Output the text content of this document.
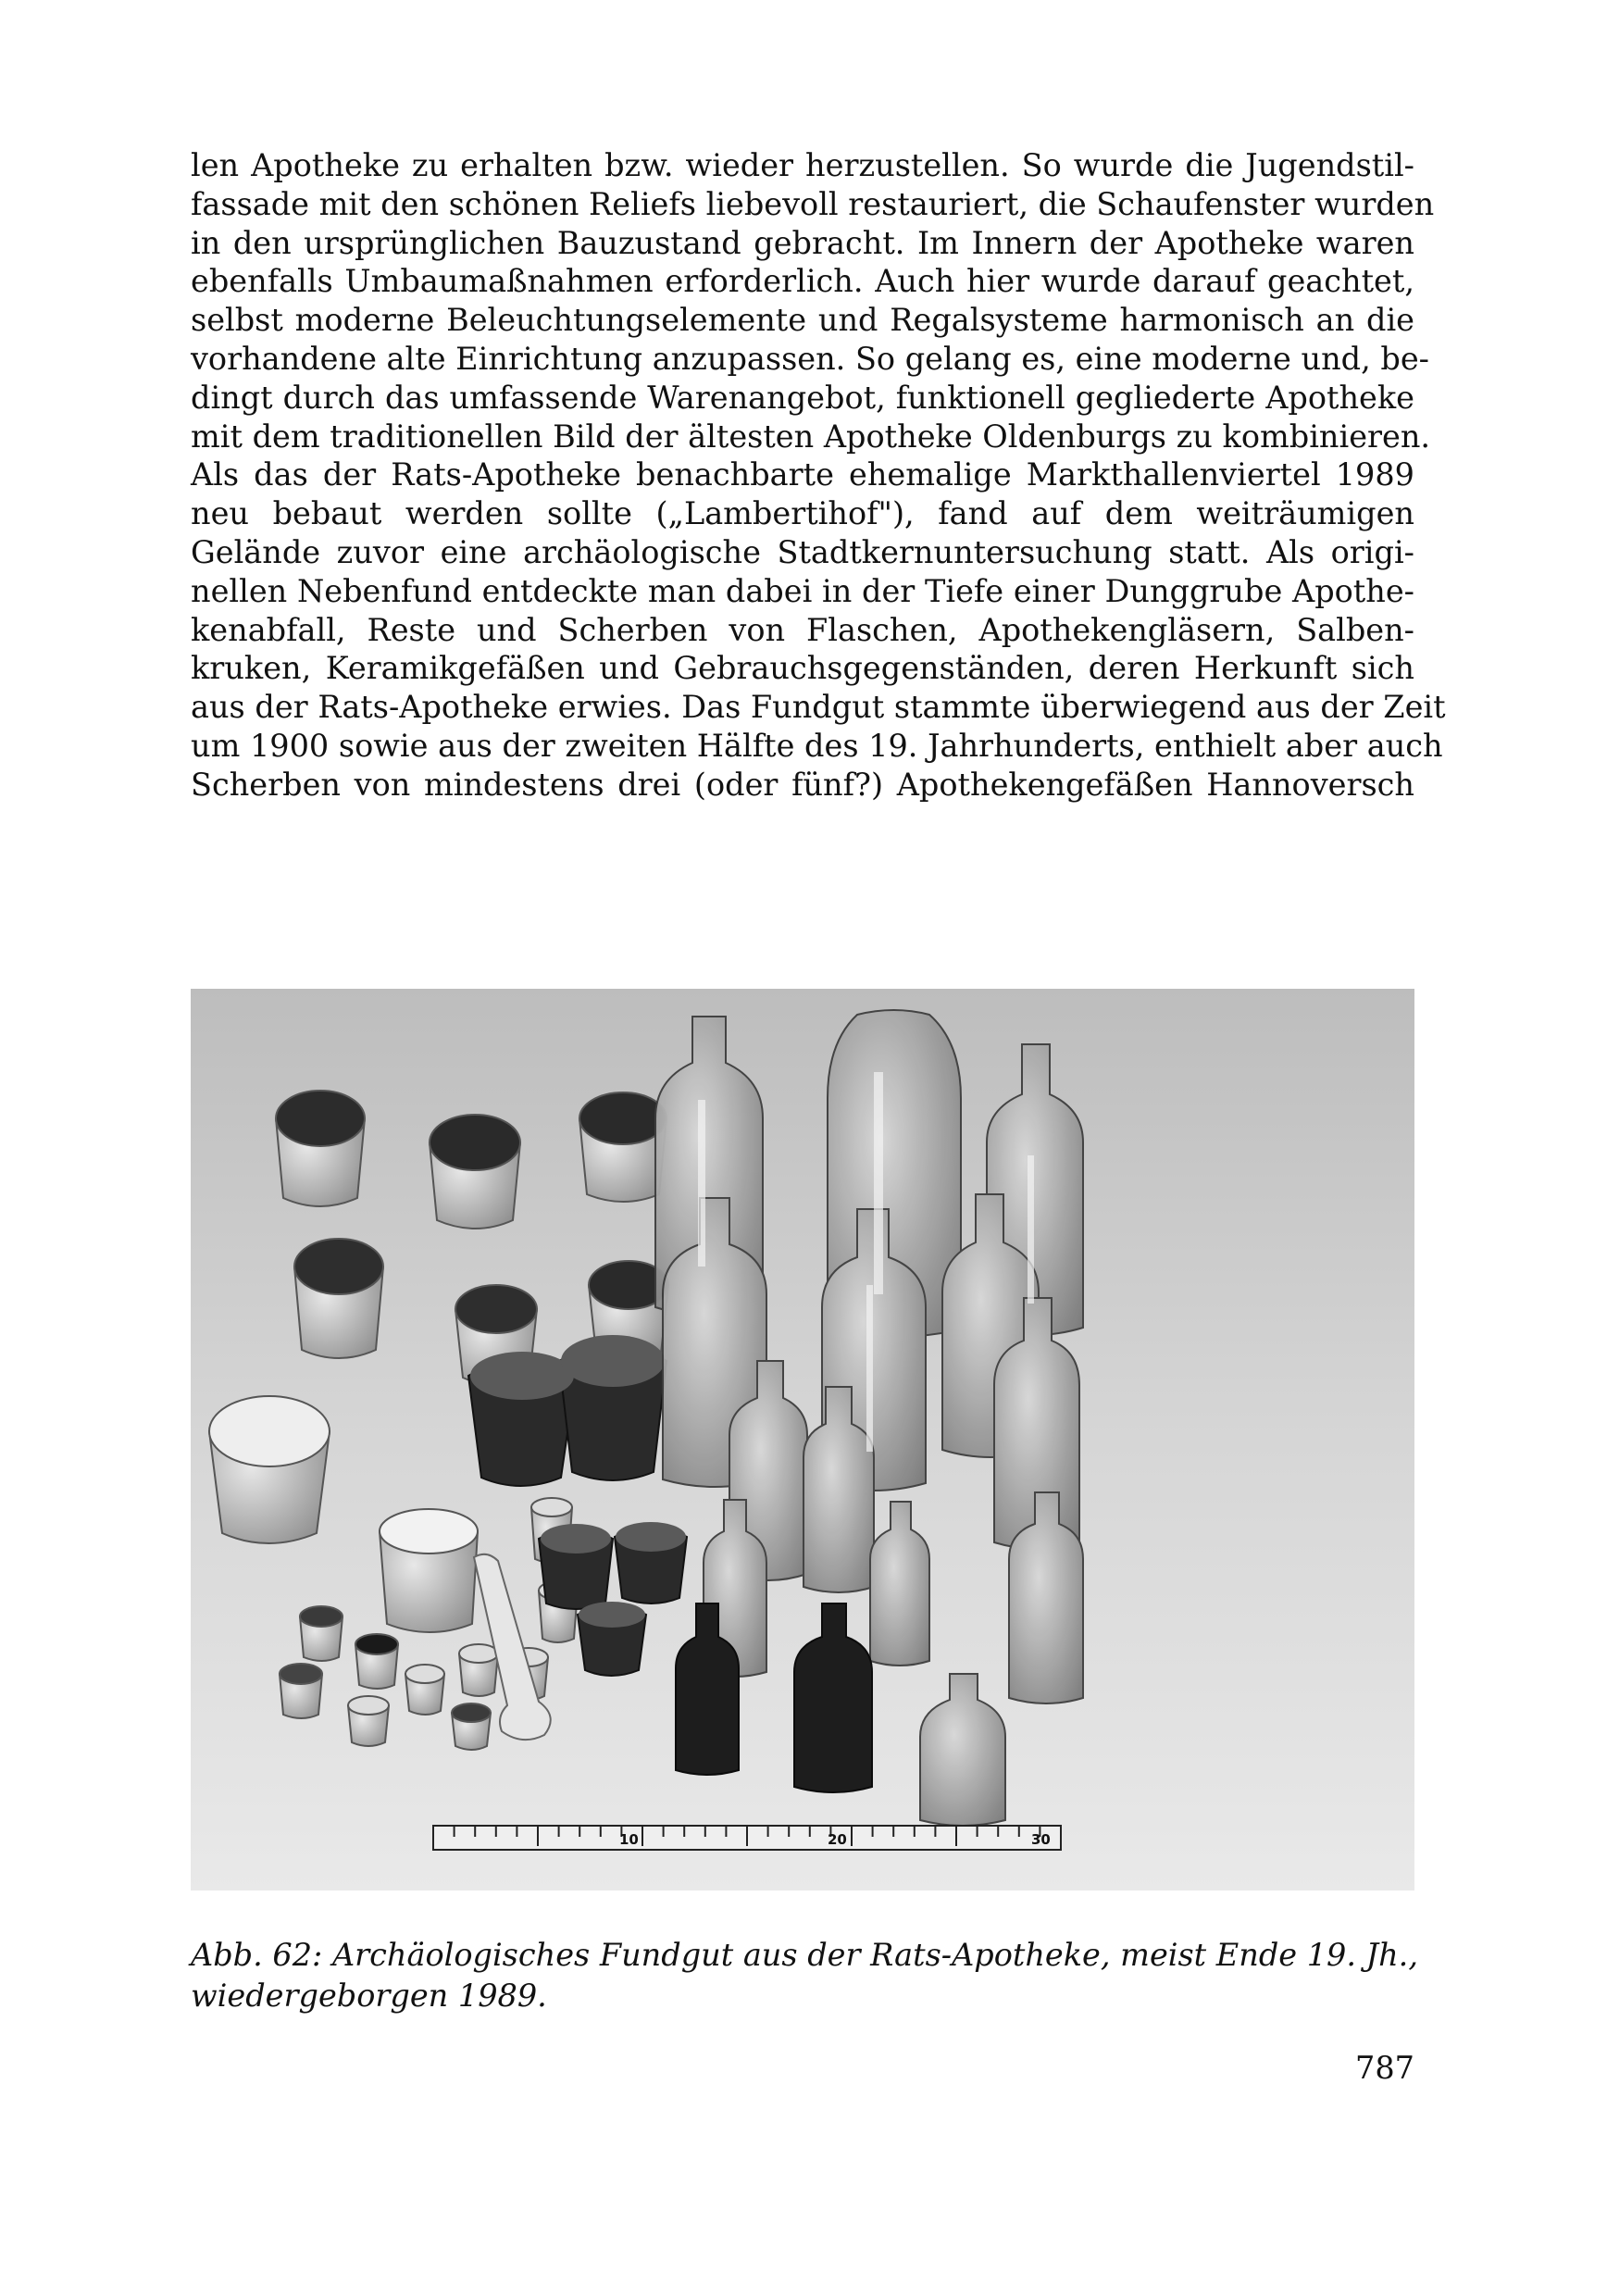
len Apotheke zu erhalten bzw. wieder herzustellen. So wurde die Jugendstil-
fassade mit den schönen Reliefs liebevoll restauriert, die Schaufenster wurden
in den ursprünglichen Bauzustand gebracht. Im Innern der Apotheke waren
ebenfalls Umbaumaßnahmen erforderlich. Auch hier wurde darauf geachtet,
selbst moderne Beleuchtungselemente und Regalsysteme harmonisch an die
vorhandene alte Einrichtung anzupassen. So gelang es, eine moderne und, be-
dingt durch das umfassende Warenangebot, funktionell gegliederte Apotheke
mit dem traditionellen Bild der ältesten Apotheke Oldenburgs zu kombinieren.
Als das der Rats-Apotheke benachbarte ehemalige Markthallenviertel 1989
neu bebaut werden sollte („Lambertihof"), fand auf dem weiträumigen
Gelände zuvor eine archäologische Stadtkernuntersuchung statt. Als origi-
nellen Nebenfund entdeckte man dabei in der Tiefe einer Dunggrube Apothe-
kenabfall, Reste und Scherben von Flaschen, Apothekengläsern, Salben-
kruken, Keramikgefäßen und Gebrauchsgegenständen, deren Herkunft sich
aus der Rats-Apotheke erwies. Das Fundgut stammte überwiegend aus der Zeit
um 1900 sowie aus der zweiten Hälfte des 19. Jahrhunderts, enthielt aber auch
Scherben von mindestens drei (oder fünf?) Apothekengefäßen Hannoversch
10	20	30
Abb. 62: Archäologisches Fundgut aus der Rats-Apotheke, meist Ende 19. Jh.,
wiedergeborgen 1989.
787
